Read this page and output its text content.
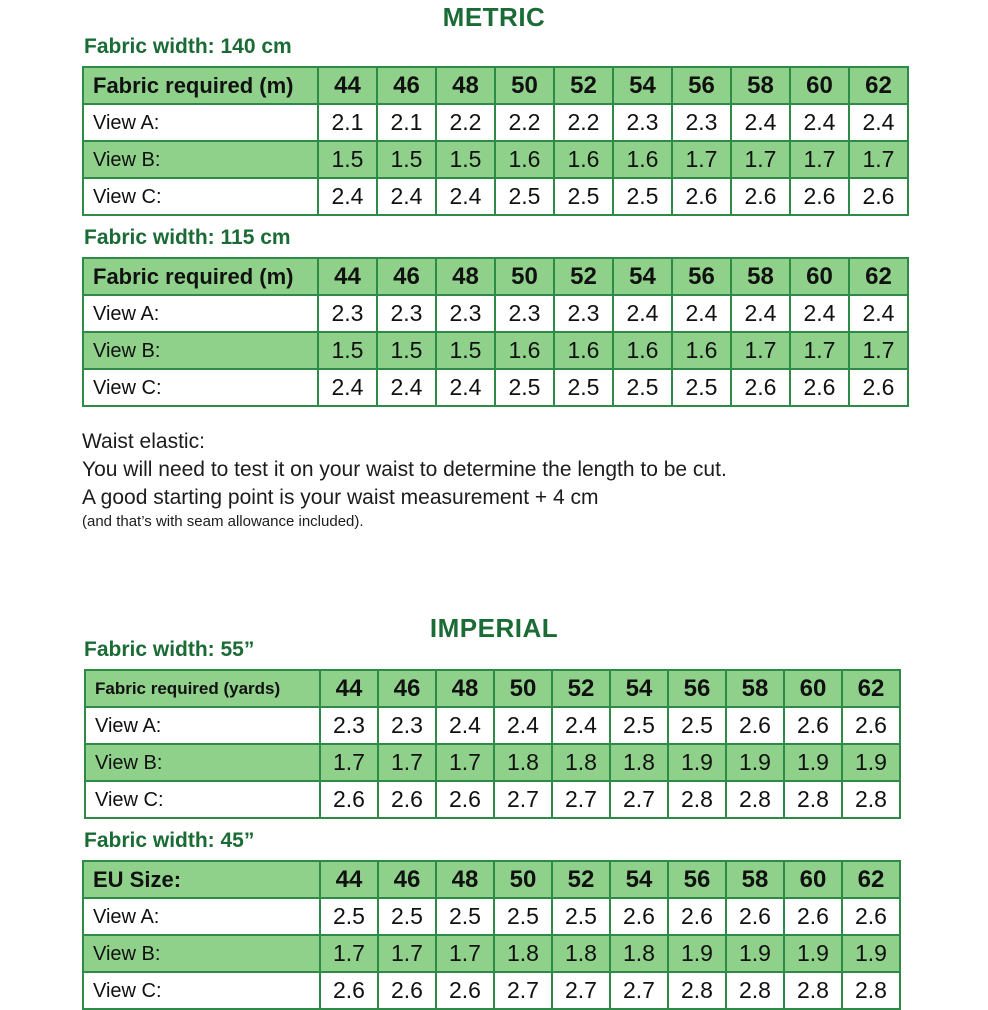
METRIC
Fabric width: 140 cm
Fabric required (m)	44	46	48	50	52	54	56	58	60	62
View A:	2.1	2.1	2.2	2.2	2.2	2.3	2.3	2.4	2.4	2.4
View B:	1.5	1.5	1.5	1.6	1.6	1.6	1.7	1.7	1.7	1.7
View C:	2.4	2.4	2.4	2.5	2.5	2.5	2.6	2.6	2.6	2.6
Fabric width: 115 cm
Fabric required (m)	44	46	48	50	52	54	56	58	60	62
View A:	2.3	2.3	2.3	2.3	2.3	2.4	2.4	2.4	2.4	2.4
View B:	1.5	1.5	1.5	1.6	1.6	1.6	1.6	1.7	1.7	1.7
View C:	2.4	2.4	2.4	2.5	2.5	2.5	2.5	2.6	2.6	2.6
Waist elastic:
You will need to test it on your waist to determine the length to be cut.
A good starting point is your waist measurement + 4 cm
(and that’s with seam allowance included).
IMPERIAL
Fabric width: 55”
Fabric required (yards)	44	46	48	50	52	54	56	58	60	62
View A:	2.3	2.3	2.4	2.4	2.4	2.5	2.5	2.6	2.6	2.6
View B:	1.7	1.7	1.7	1.8	1.8	1.8	1.9	1.9	1.9	1.9
View C:	2.6	2.6	2.6	2.7	2.7	2.7	2.8	2.8	2.8	2.8
Fabric width: 45”
EU Size:	44	46	48	50	52	54	56	58	60	62
View A:	2.5	2.5	2.5	2.5	2.5	2.6	2.6	2.6	2.6	2.6
View B:	1.7	1.7	1.7	1.8	1.8	1.8	1.9	1.9	1.9	1.9
View C:	2.6	2.6	2.6	2.7	2.7	2.7	2.8	2.8	2.8	2.8
